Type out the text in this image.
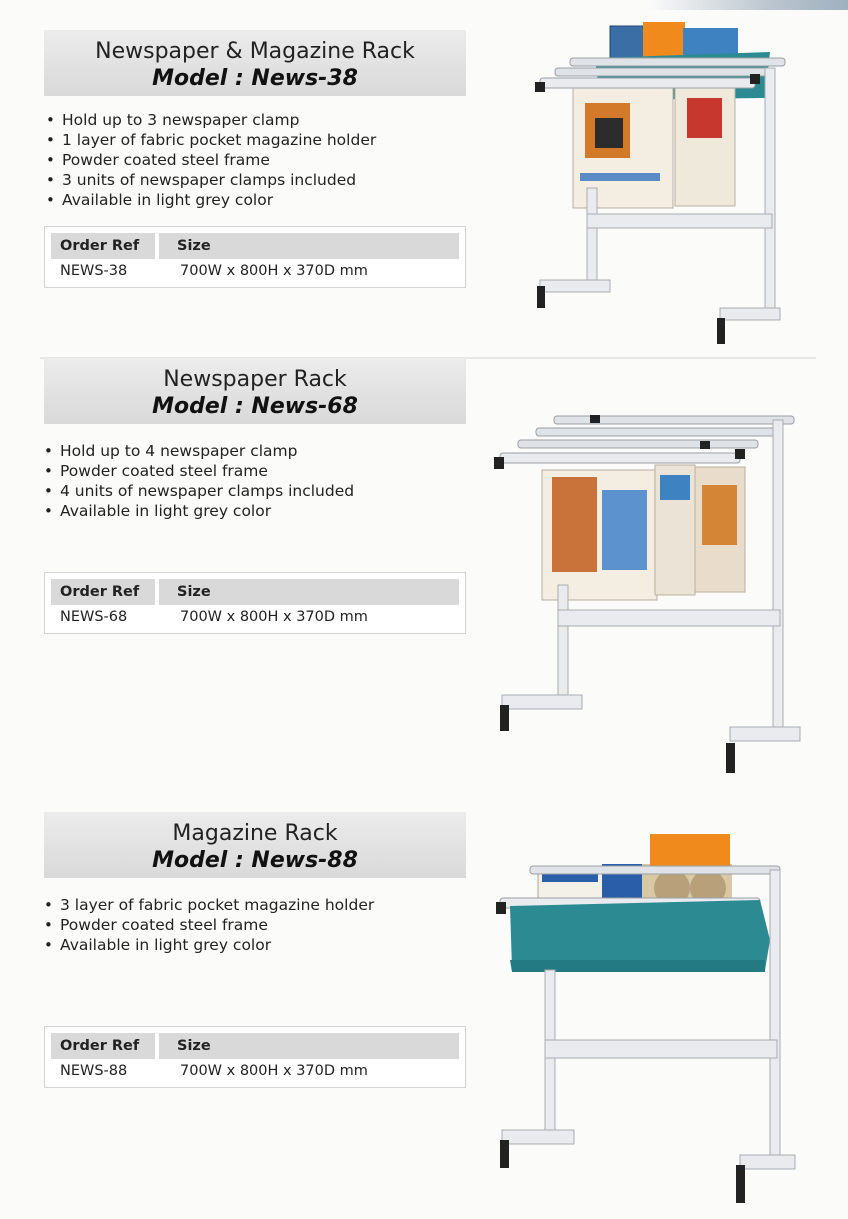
Newspaper & Magazine Rack
Model : News-38
• Hold up to 3 newspaper clamp
• 1 layer of fabric pocket magazine holder
• Powder coated steel frame
• 3 units of newspaper clamps included
• Available in light grey color
Order Ref	Size
NEWS-38	700W x 800H x 370D mm
Newspaper Rack
Model : News-68
• Hold up to 4 newspaper clamp
• Powder coated steel frame
• 4 units of newspaper clamps included
• Available in light grey color
Order Ref	Size
NEWS-68	700W x 800H x 370D mm
Magazine Rack
Model : News-88
• 3 layer of fabric pocket magazine holder
• Powder coated steel frame
• Available in light grey color
Order Ref	Size
NEWS-88	700W x 800H x 370D mm
